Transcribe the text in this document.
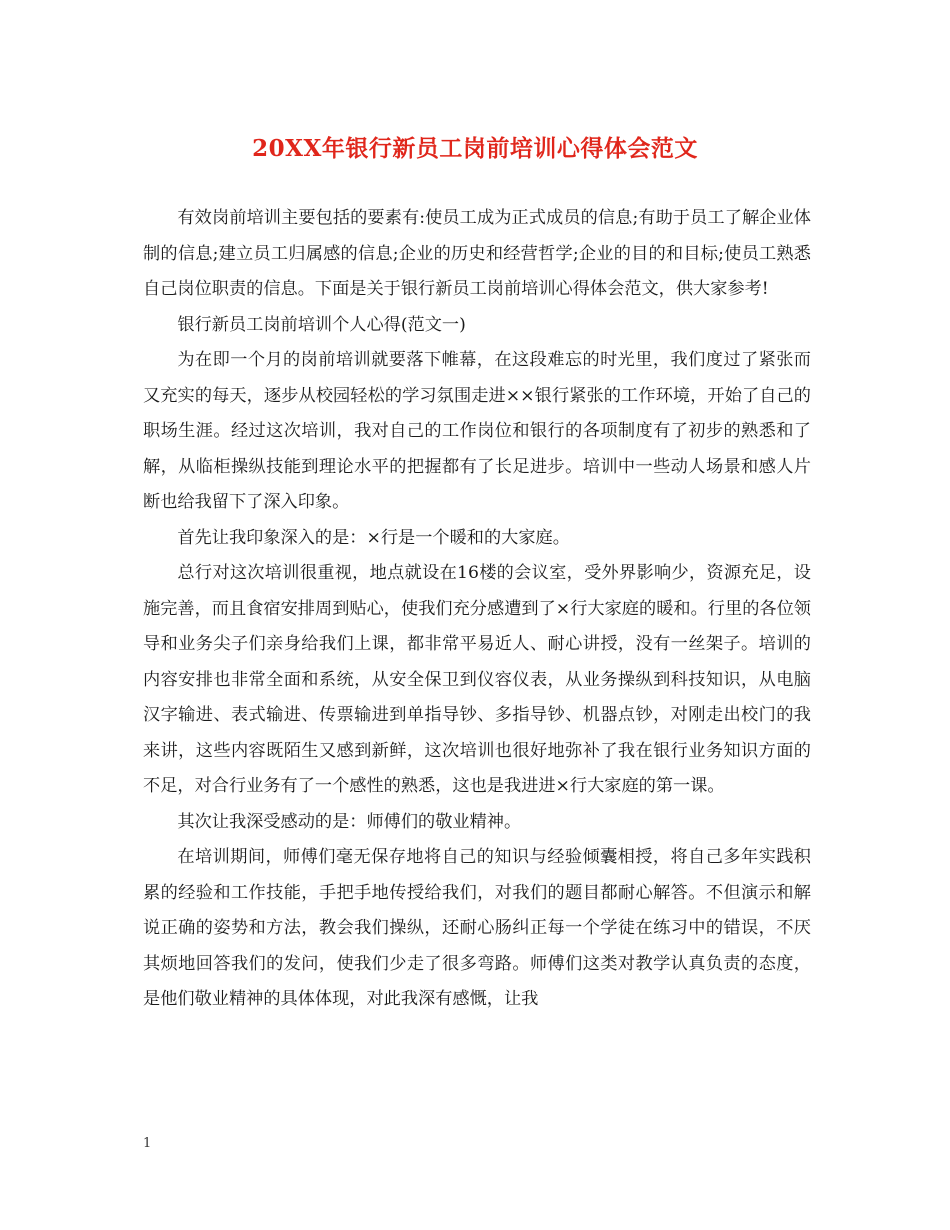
20XX年银行新员工岗前培训心得体会范文

有效岗前培训主要包括的要素有:使员工成为正式成员的信息;有助于员工了解企业体制的信息;建立员工归属感的信息;企业的历史和经营哲学;企业的目的和目标;使员工熟悉自己岗位职责的信息。下面是关于银行新员工岗前培训心得体会范文，供大家参考!

银行新员工岗前培训个人心得(范文一)

为在即一个月的岗前培训就要落下帷幕，在这段难忘的时光里，我们度过了紧张而又充实的每天，逐步从校园轻松的学习氛围走进××银行紧张的工作环境，开始了自己的职场生涯。经过这次培训，我对自己的工作岗位和银行的各项制度有了初步的熟悉和了解，从临柜操纵技能到理论水平的把握都有了长足进步。培训中一些动人场景和感人片断也给我留下了深入印象。

首先让我印象深入的是：×行是一个暖和的大家庭。

总行对这次培训很重视，地点就设在16楼的会议室，受外界影响少，资源充足，设施完善，而且食宿安排周到贴心，使我们充分感遭到了×行大家庭的暖和。行里的各位领导和业务尖子们亲身给我们上课，都非常平易近人、耐心讲授，没有一丝架子。培训的内容安排也非常全面和系统，从安全保卫到仪容仪表，从业务操纵到科技知识，从电脑汉字输进、表式输进、传票输进到单指导钞、多指导钞、机器点钞，对刚走出校门的我来讲，这些内容既陌生又感到新鲜，这次培训也很好地弥补了我在银行业务知识方面的不足，对合行业务有了一个感性的熟悉，这也是我进进×行大家庭的第一课。

其次让我深受感动的是：师傅们的敬业精神。

在培训期间，师傅们毫无保存地将自己的知识与经验倾囊相授，将自己多年实践积累的经验和工作技能，手把手地传授给我们，对我们的题目都耐心解答。不但演示和解说正确的姿势和方法，教会我们操纵，还耐心肠纠正每一个学徒在练习中的错误，不厌其烦地回答我们的发问，使我们少走了很多弯路。师傅们这类对教学认真负责的态度，是他们敬业精神的具体体现，对此我深有感慨，让我

1
